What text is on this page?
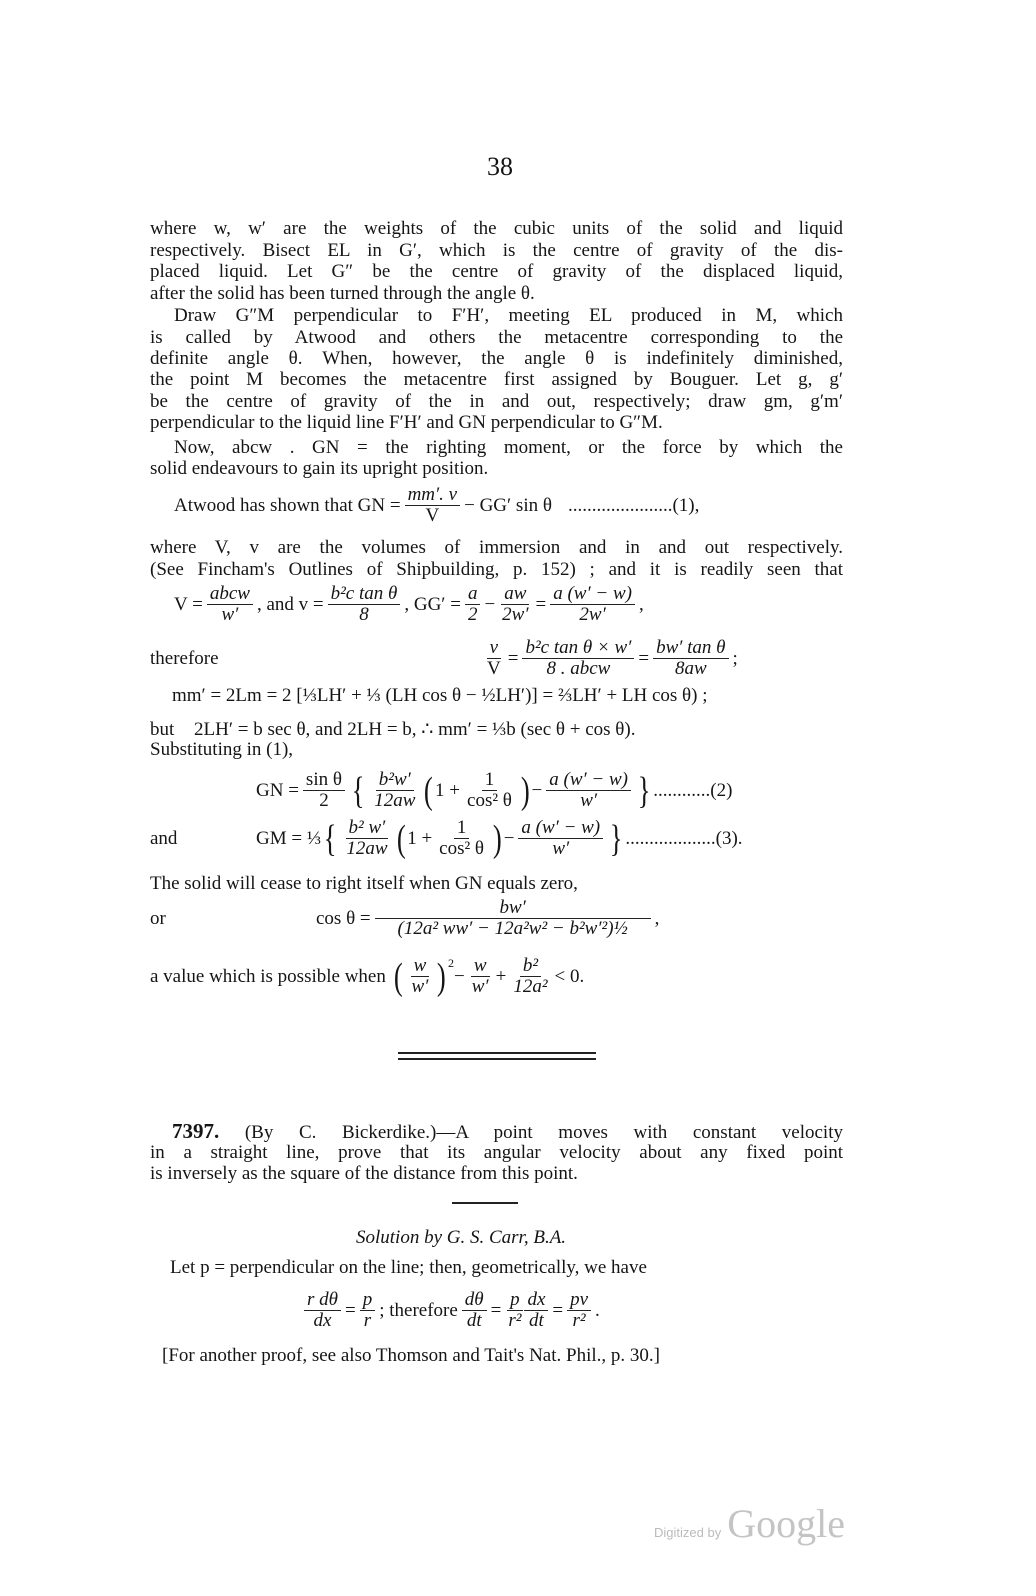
38
where w, w′ are the weights of the cubic units of the solid and liquid
respectively. Bisect EL in G′, which is the centre of gravity of the dis-
placed liquid. Let G″ be the centre of gravity of the displaced liquid,
after the solid has been turned through the angle θ.
Draw G″M perpendicular to F′H′, meeting EL produced in M, which
is called by Atwood and others the metacentre corresponding to the
definite angle θ. When, however, the angle θ is indefinitely diminished,
the point M becomes the metacentre first assigned by Bouguer. Let g, g′
be the centre of gravity of the in and out, respectively; draw gm, g′m′
perpendicular to the liquid line F′H′ and GN perpendicular to G″M.
Now, abcw . GN = the righting moment, or the force by which the
solid endeavours to gain its upright position.
Atwood has shown that GN = $\frac{mm'. v}{V} - GG'$ sin θ ......................(1),
where V, v are the volumes of immersion and in and out respectively.
(See Fincham's Outlines of Shipbuilding, p. 152) ; and it is readily seen that
$V = \frac{\text{abcw}}{w'}$ , and $v = \frac{\text{b²c tan θ}}{8}$ , $GG' = \frac{a}{2} - \frac{aw}{2w'} = \frac{a (w' - w)}{2w'}$ ,
therefore	$\frac{v}{V} = \frac{\text{b²c tan θ × w′}}{\text{8 . abcw}} = \frac{\text{bw′ tan θ}}{8aw}$ ;
mm′ = 2Lm = 2 [⅓LH′ + ⅓ (LH cos θ − ½LH′)] = ⅔LH′ + LH cos θ) ;
but	2LH′ = b sec θ, and 2LH = b, ∴ mm′ = ⅓b (sec θ + cos θ).
Substituting in (1),
GN = $\frac{\text{sin θ}}{2}$ { $\frac{\text{b²w′}}{12aw}$ ( $1 + \frac{1}{\text{cos² θ}}$ ) − $\frac{a (w' - w)}{w'}$ } ............(2)
and	GM = ⅓ { $\frac{\text{b² w′}}{12aw}$ ( $1 + \frac{1}{\text{cos² θ}}$ ) − $\frac{a (w' - w)}{w'}$ } ...................(3).
The solid will cease to right itself when GN equals zero,
or	$\cos \theta = \frac{bw'}{\text{(12a² ww′ − 12a²w² − b²w′²)½}}$ ,
a value which is possible when ( $\frac{w}{w'} )^2$
− $\frac{w}{w'} + \frac{\text{b²}}{\text{12a²}} < 0$.
7397. (By C. Bickerdike.)—A point moves with constant velocity
in a straight line, prove that its angular velocity about any fixed point
is inversely as the square of the distance from this point.
Solution by G. S. Carr, B.A.
Let p = perpendicular on the line; then, geometrically, we have
$\frac{\text{r dθ}}{dx} = \frac{p}{r}$ ; therefore $\frac{d\theta}{dt} = \frac{p}{\text{r²}} \frac{dx}{dt} = \frac{pv}{\text{r²}}$ .
[For another proof, see also Thomson and Tait's Nat. Phil., p. 30.]
Digitized by Google
